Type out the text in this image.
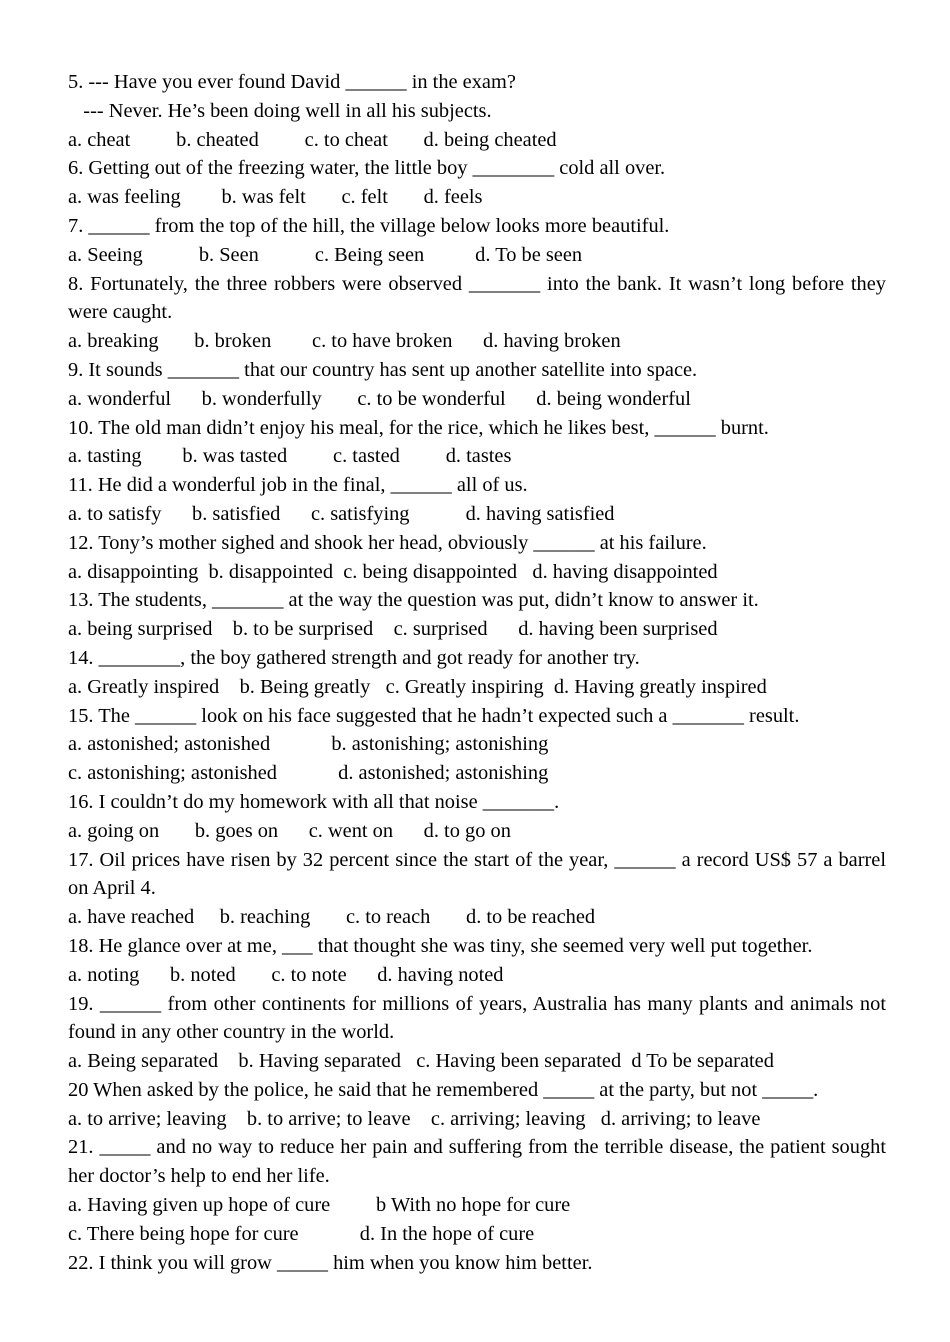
5. --- Have you ever found David ______ in the exam?
--- Never. He’s been doing well in all his subjects.
a. cheat         b. cheated         c. to cheat       d. being cheated
6. Getting out of the freezing water, the little boy ________ cold all over.
a. was feeling        b. was felt       c. felt       d. feels
7. ______ from the top of the hill, the village below looks more beautiful.
a. Seeing           b. Seen           c. Being seen          d. To be seen
8. Fortunately, the three robbers were observed _______ into the bank. It wasn’t long before they were caught.
a. breaking       b. broken        c. to have broken      d. having broken
9. It sounds _______ that our country has sent up another satellite into space.
a. wonderful      b. wonderfully       c. to be wonderful      d. being wonderful
10. The old man didn’t enjoy his meal, for the rice, which he likes best, ______ burnt.
a. tasting        b. was tasted         c. tasted         d. tastes
11. He did a wonderful job in the final, ______ all of us.
a. to satisfy      b. satisfied      c. satisfying           d. having satisfied
12. Tony’s mother sighed and shook her head, obviously ______ at his failure.
a. disappointing  b. disappointed  c. being disappointed   d. having disappointed
13. The students, _______ at the way the question was put, didn’t know to answer it.
a. being surprised    b. to be surprised    c. surprised      d. having been surprised
14. ________, the boy gathered strength and got ready for another try.
a. Greatly inspired    b. Being greatly   c. Greatly inspiring  d. Having greatly inspired
15. The ______ look on his face suggested that he hadn’t expected such a _______ result.
a. astonished; astonished            b. astonishing; astonishing
c. astonishing; astonished            d. astonished; astonishing
16. I couldn’t do my homework with all that noise _______.
a. going on       b. goes on      c. went on      d. to go on
17. Oil prices have risen by 32 percent since the start of the year, ______ a record US$ 57 a barrel on April 4.
a. have reached     b. reaching       c. to reach       d. to be reached
18. He glance over at me, ___ that thought she was tiny, she seemed very well put together.
a. noting      b. noted       c. to note      d. having noted
19. ______ from other continents for millions of years, Australia has many plants and animals not found in any other country in the world.
a. Being separated    b. Having separated   c. Having been separated  d To be separated
20 When asked by the police, he said that he remembered _____ at the party, but not _____.
a. to arrive; leaving    b. to arrive; to leave    c. arriving; leaving   d. arriving; to leave
21. _____ and no way to reduce her pain and suffering from the terrible disease, the patient sought her doctor’s help to end her life.
a. Having given up hope of cure         b With no hope for cure
c. There being hope for cure            d. In the hope of cure
22. I think you will grow _____ him when you know him better.
